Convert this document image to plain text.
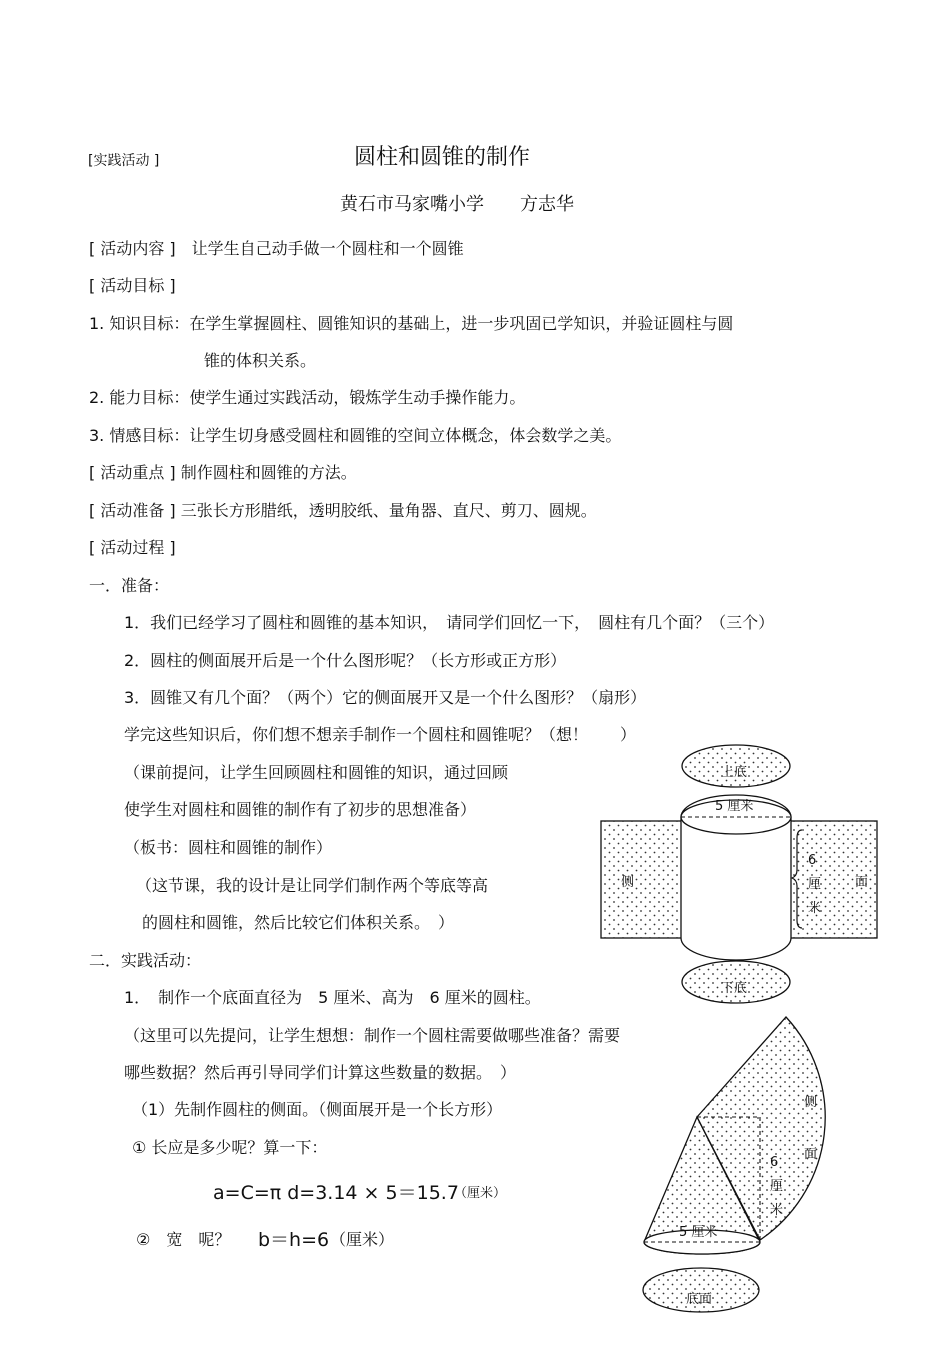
[实践活动 ]	圆柱和圆锥的制作
黄石市马家嘴小学　　方志华
[ 活动内容 ]　让学生自己动手做一个圆柱和一个圆锥
[ 活动目标 ]
1. 知识目标：在学生掌握圆柱、圆锥知识的基础上，进一步巩固已学知识，并验证圆柱与圆
锥的体积关系。
2. 能力目标：使学生通过实践活动，锻炼学生动手操作能力。
3. 情感目标：让学生切身感受圆柱和圆锥的空间立体概念，体会数学之美。
[ 活动重点 ] 制作圆柱和圆锥的方法。
[ 活动准备 ] 三张长方形腊纸，透明胶纸、量角器、直尺、剪刀、圆规。
[ 活动过程 ]
一．准备：
1．我们已经学习了圆柱和圆锥的基本知识，　请同学们回忆一下，　圆柱有几个面？（三个）
2．圆柱的侧面展开后是一个什么图形呢？（长方形或正方形）
3．圆锥又有几个面？（两个）它的侧面展开又是一个什么图形？（扇形）
学完这些知识后，你们想不想亲手制作一个圆柱和圆锥呢？（想！　　）
（课前提问，让学生回顾圆柱和圆锥的知识，通过回顾
使学生对圆柱和圆锥的制作有了初步的思想准备）
（板书：圆柱和圆锥的制作）
（这节课，我的设计是让同学们制作两个等底等高
的圆柱和圆锥，然后比较它们体积关系。　）
二．实践活动：
1．　制作一个底面直径为　5 厘米、高为　6 厘米的圆柱。
（这里可以先提问，让学生想想：制作一个圆柱需要做哪些准备？需要
哪些数据？然后再引导同学们计算这些数量的数据。　）
（1）先制作圆柱的侧面。（侧面展开是一个长方形）
① 长应是多少呢？算一下：
a=C=π d=3.14 × 5＝15.7
（厘米）
②　宽　呢？ b＝h=6 （厘米）
上底
5 厘米
侧	面
6
厘
米
下底
侧
面
6
厘
米
5 厘米
底面
